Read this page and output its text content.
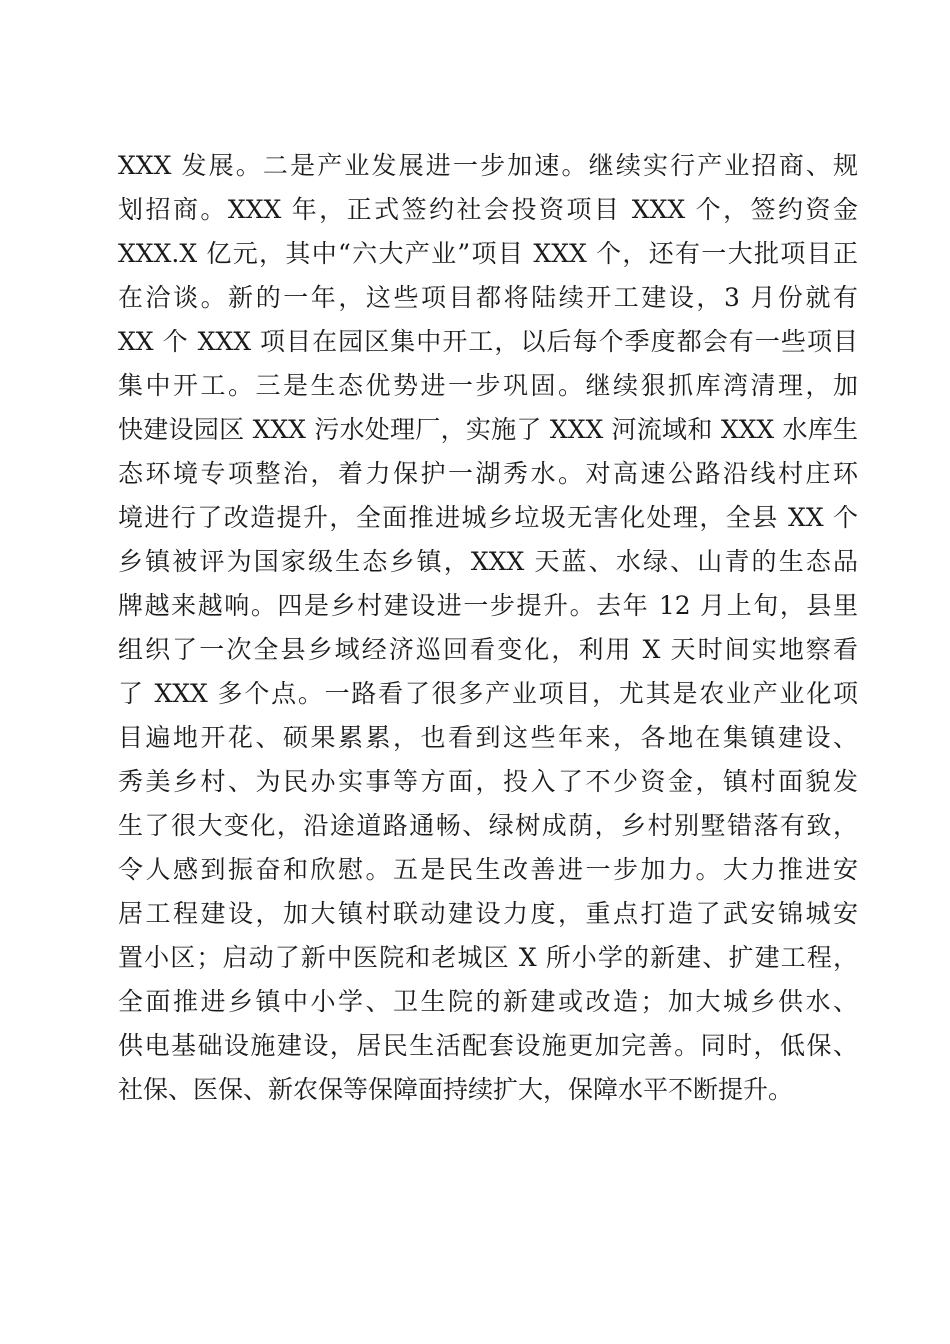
XXX 发展。二是产业发展进一步加速。继续实行产业招商、规
划招商。XXX 年，正式签约社会投资项目 XXX 个，签约资金
XXX.X 亿元，其中“六大产业”项目 XXX 个，还有一大批项目正
在洽谈。新的一年，这些项目都将陆续开工建设，3 月份就有
XX 个 XXX 项目在园区集中开工，以后每个季度都会有一些项目
集中开工。三是生态优势进一步巩固。继续狠抓库湾清理，加
快建设园区 XXX 污水处理厂，实施了 XXX 河流域和 XXX 水库生
态环境专项整治，着力保护一湖秀水。对高速公路沿线村庄环
境进行了改造提升，全面推进城乡垃圾无害化处理，全县 XX 个
乡镇被评为国家级生态乡镇，XXX 天蓝、水绿、山青的生态品
牌越来越响。四是乡村建设进一步提升。去年 12 月上旬，县里
组织了一次全县乡域经济巡回看变化，利用 X 天时间实地察看
了 XXX 多个点。一路看了很多产业项目，尤其是农业产业化项
目遍地开花、硕果累累，也看到这些年来，各地在集镇建设、
秀美乡村、为民办实事等方面，投入了不少资金，镇村面貌发
生了很大变化，沿途道路通畅、绿树成荫，乡村别墅错落有致，
令人感到振奋和欣慰。五是民生改善进一步加力。大力推进安
居工程建设，加大镇村联动建设力度，重点打造了武安锦城安
置小区；启动了新中医院和老城区 X 所小学的新建、扩建工程，
全面推进乡镇中小学、卫生院的新建或改造；加大城乡供水、
供电基础设施建设，居民生活配套设施更加完善。同时，低保、
社保、医保、新农保等保障面持续扩大，保障水平不断提升。
